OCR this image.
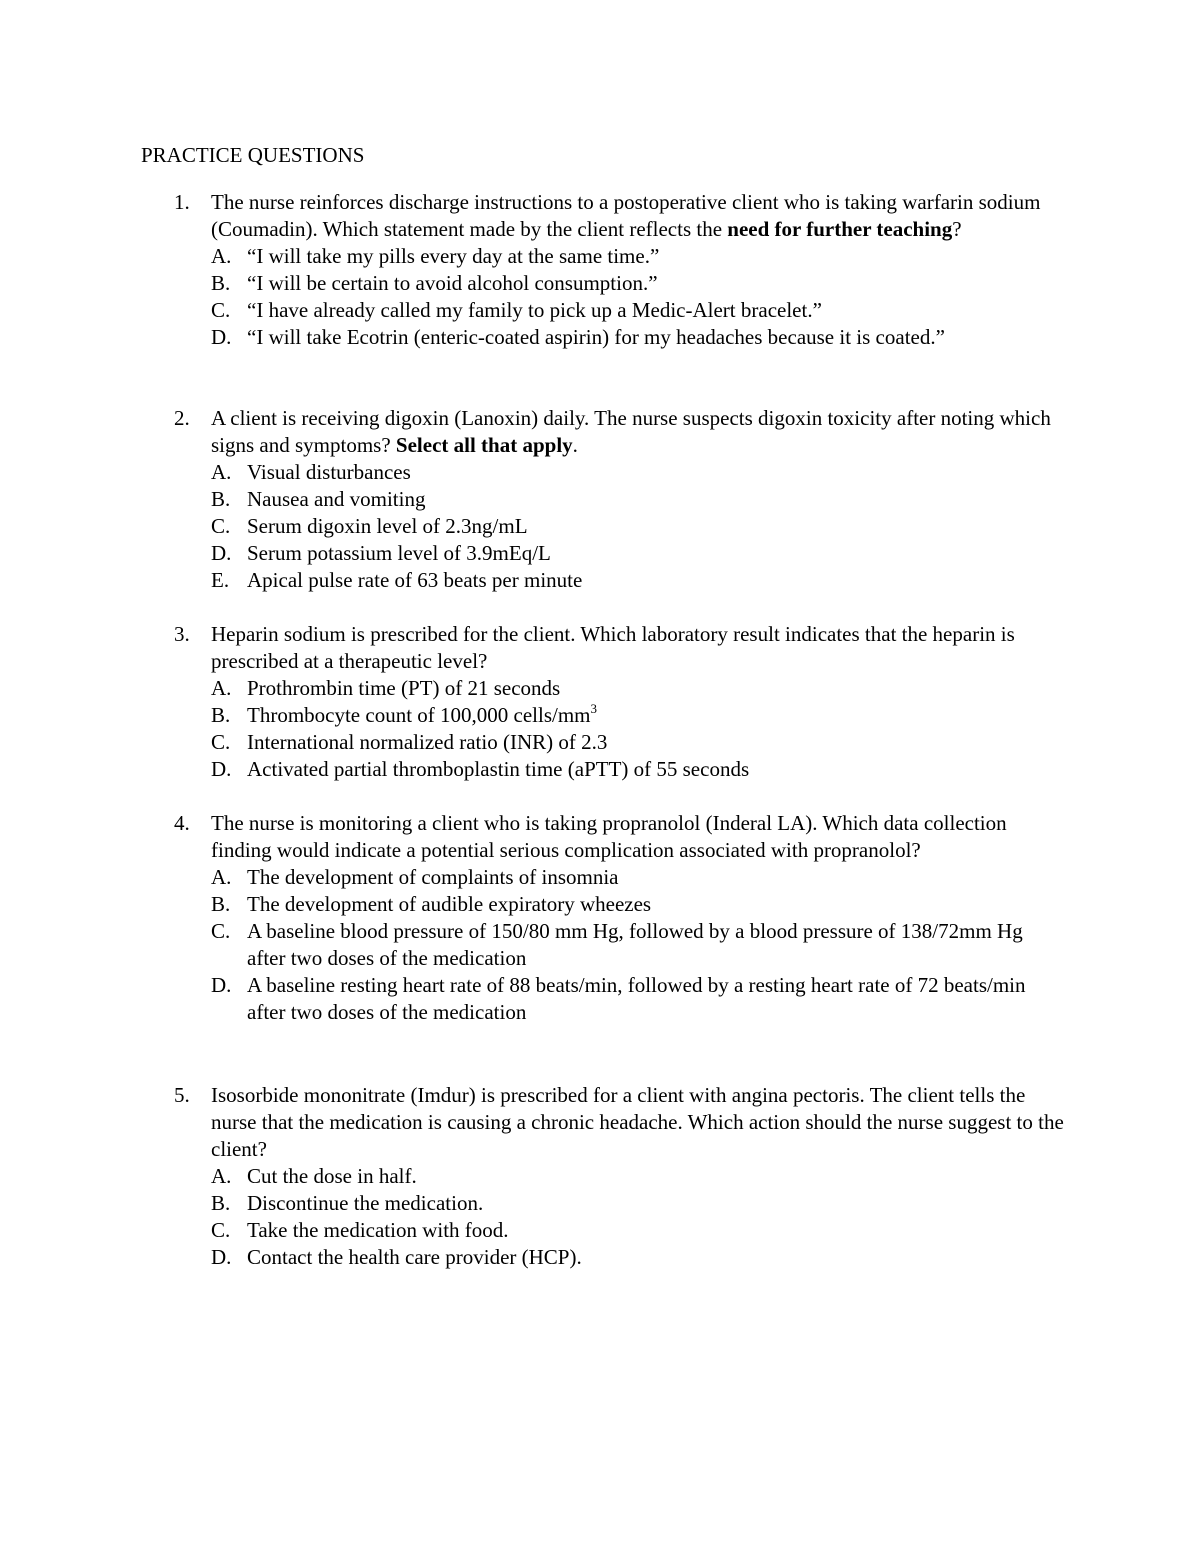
PRACTICE QUESTIONS
1. The nurse reinforces discharge instructions to a postoperative client who is taking warfarin sodium (Coumadin). Which statement made by the client reflects the need for further teaching?
A. “I will take my pills every day at the same time.”
B. “I will be certain to avoid alcohol consumption.”
C. “I have already called my family to pick up a Medic-Alert bracelet.”
D. “I will take Ecotrin (enteric-coated aspirin) for my headaches because it is coated.”
2. A client is receiving digoxin (Lanoxin) daily. The nurse suspects digoxin toxicity after noting which signs and symptoms? Select all that apply.
A. Visual disturbances
B. Nausea and vomiting
C. Serum digoxin level of 2.3ng/mL
D. Serum potassium level of 3.9mEq/L
E. Apical pulse rate of 63 beats per minute
3. Heparin sodium is prescribed for the client. Which laboratory result indicates that the heparin is prescribed at a therapeutic level?
A. Prothrombin time (PT) of 21 seconds
B. Thrombocyte count of 100,000 cells/$mm^3$
C. International normalized ratio (INR) of 2.3
D. Activated partial thromboplastin time (aPTT) of 55 seconds
4. The nurse is monitoring a client who is taking propranolol (Inderal LA). Which data collection finding would indicate a potential serious complication associated with propranolol?
A. The development of complaints of insomnia
B. The development of audible expiratory wheezes
C. A baseline blood pressure of 150/80 mm Hg, followed by a blood pressure of 138/72mm Hg after two doses of the medication
D. A baseline resting heart rate of 88 beats/min, followed by a resting heart rate of 72 beats/min after two doses of the medication
5. Isosorbide mononitrate (Imdur) is prescribed for a client with angina pectoris. The client tells the nurse that the medication is causing a chronic headache. Which action should the nurse suggest to the client?
A. Cut the dose in half.
B. Discontinue the medication.
C. Take the medication with food.
D. Contact the health care provider (HCP).
